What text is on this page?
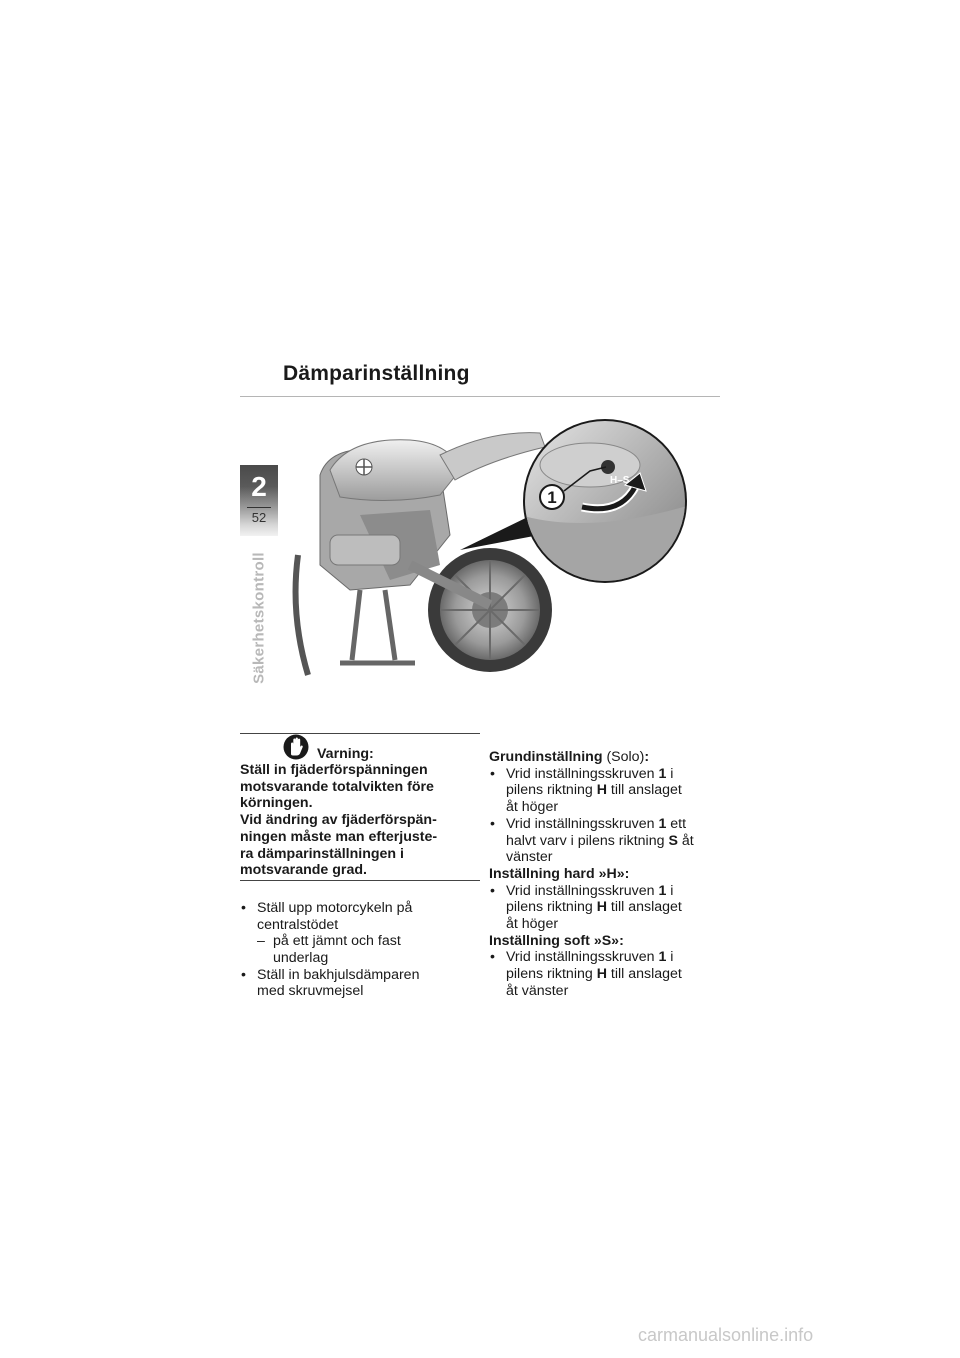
Dämparinställning
2
52
Säkerhetskontroll
1
H–S
Varning:
Ställ in fjäderförspänningen
motsvarande totalvikten före
körningen.
Vid ändring av fjäderförspän-
ningen måste man efterjuste-
ra dämparinställningen i
motsvarande grad.
• Ställ upp motorcykeln på
centralstödet
– på ett jämnt och fast
underlag
• Ställ in bakhjulsdämparen
med skruvmejsel
Grundinställning (Solo):
• Vrid inställningsskruven 1 i
pilens riktning H till anslaget
åt höger
• Vrid inställningsskruven 1 ett
halvt varv i pilens riktning S åt
vänster
Inställning hard »H»:
• Vrid inställningsskruven 1 i
pilens riktning H till anslaget
åt höger
Inställning soft »S»:
• Vrid inställningsskruven 1 i
pilens riktning H till anslaget
åt vänster
carmanualsonline.info
